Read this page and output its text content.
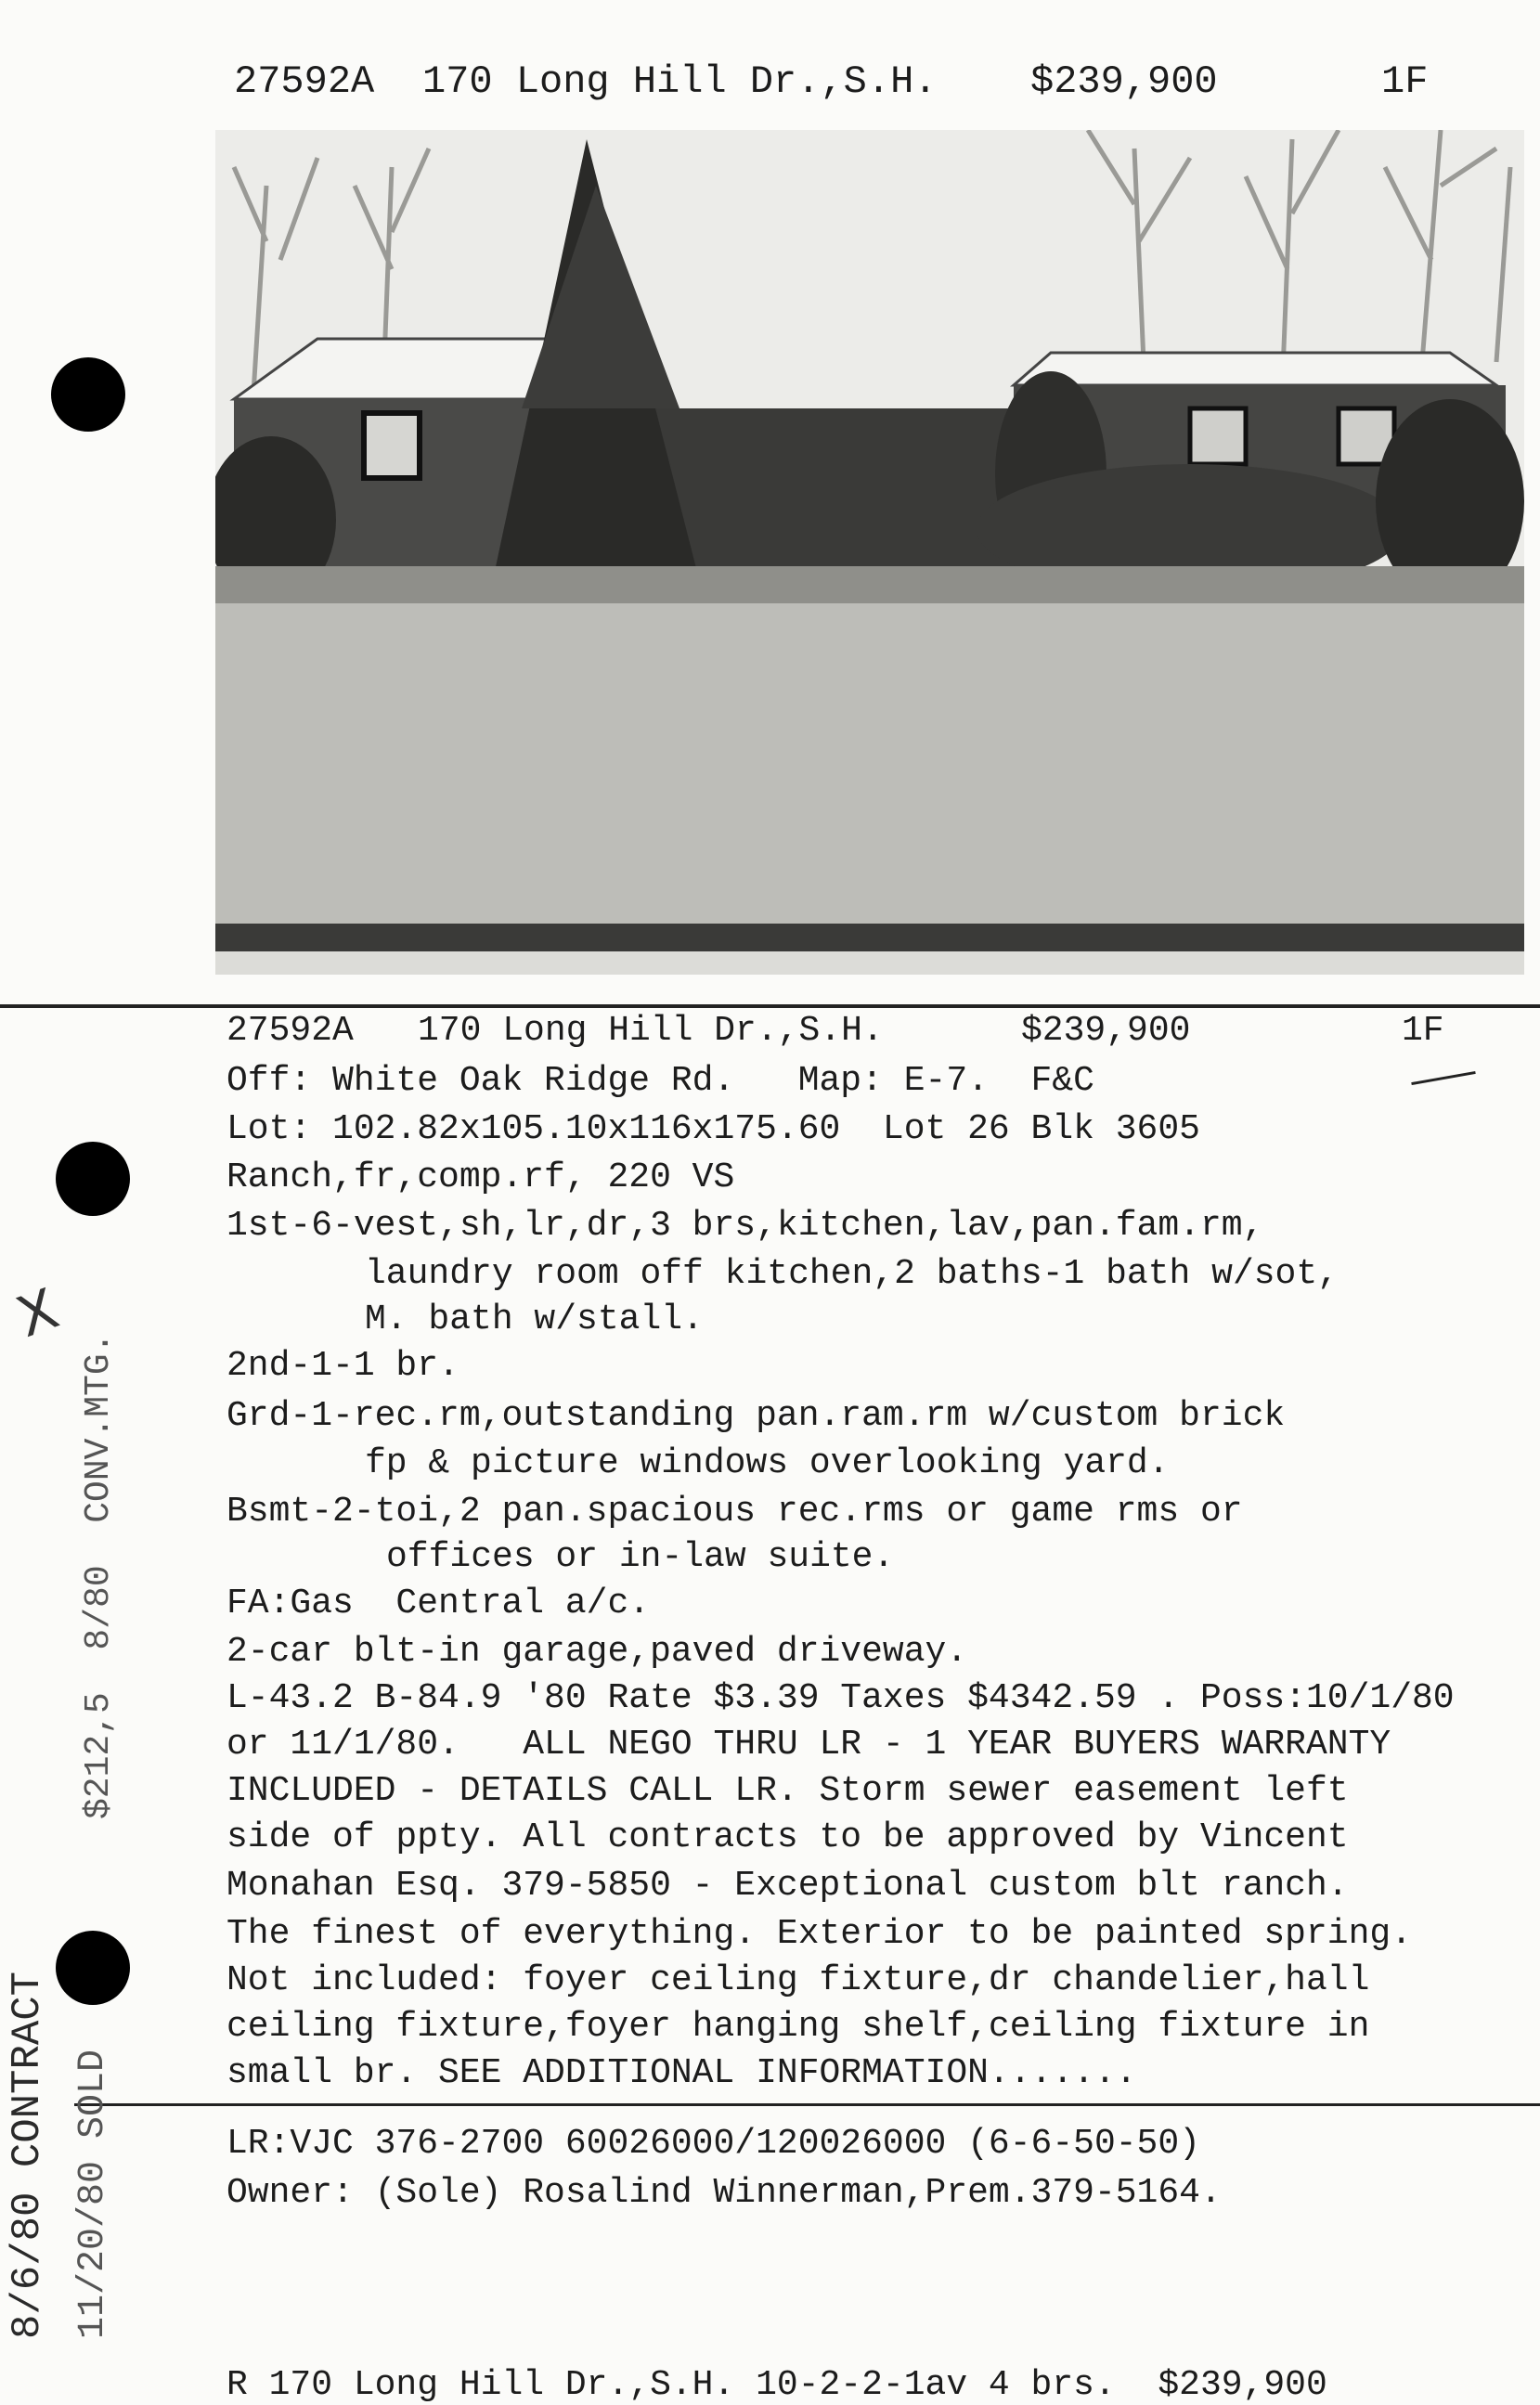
27592A 170 Long Hill Dr.,S.H. $239,900	1F
27592A 170 Long Hill Dr.,S.H.	$239,900	1F
Off: White Oak Ridge Rd.   Map: E-7.  F&C
Lot: 102.82x105.10x116x175.60  Lot 26 Blk 3605
Ranch,fr,comp.rf, 220 VS
1st-6-vest,sh,lr,dr,3 brs,kitchen,lav,pan.fam.rm,
laundry room off kitchen,2 baths-1 bath w/sot,
M. bath w/stall.
2nd-1-1 br.
Grd-1-rec.rm,outstanding pan.ram.rm w/custom brick
fp & picture windows overlooking yard.
Bsmt-2-toi,2 pan.spacious rec.rms or game rms or
offices or in-law suite.
FA:Gas  Central a/c.
2-car blt-in garage,paved driveway.
L-43.2 B-84.9 '80 Rate $3.39 Taxes $4342.59 . Poss:10/1/80
or 11/1/80.   ALL NEGO THRU LR - 1 YEAR BUYERS WARRANTY
INCLUDED - DETAILS CALL LR. Storm sewer easement left
side of ppty. All contracts to be approved by Vincent
Monahan Esq. 379-5850 - Exceptional custom blt ranch.
The finest of everything. Exterior to be painted spring.
Not included: foyer ceiling fixture,dr chandelier,hall
ceiling fixture,foyer hanging shelf,ceiling fixture in
small br. SEE ADDITIONAL INFORMATION.......
LR:VJC 376-2700 60026000/120026000 (6-6-50-50)
Owner: (Sole) Rosalind Winnerman,Prem.379-5164.
R 170 Long Hill Dr.,S.H. 10-2-2-1av 4 brs.  $239,900
X
$212,5  8/80  CONV.MTG.
8/6/80 CONTRACT 11/20/80 SOLD
